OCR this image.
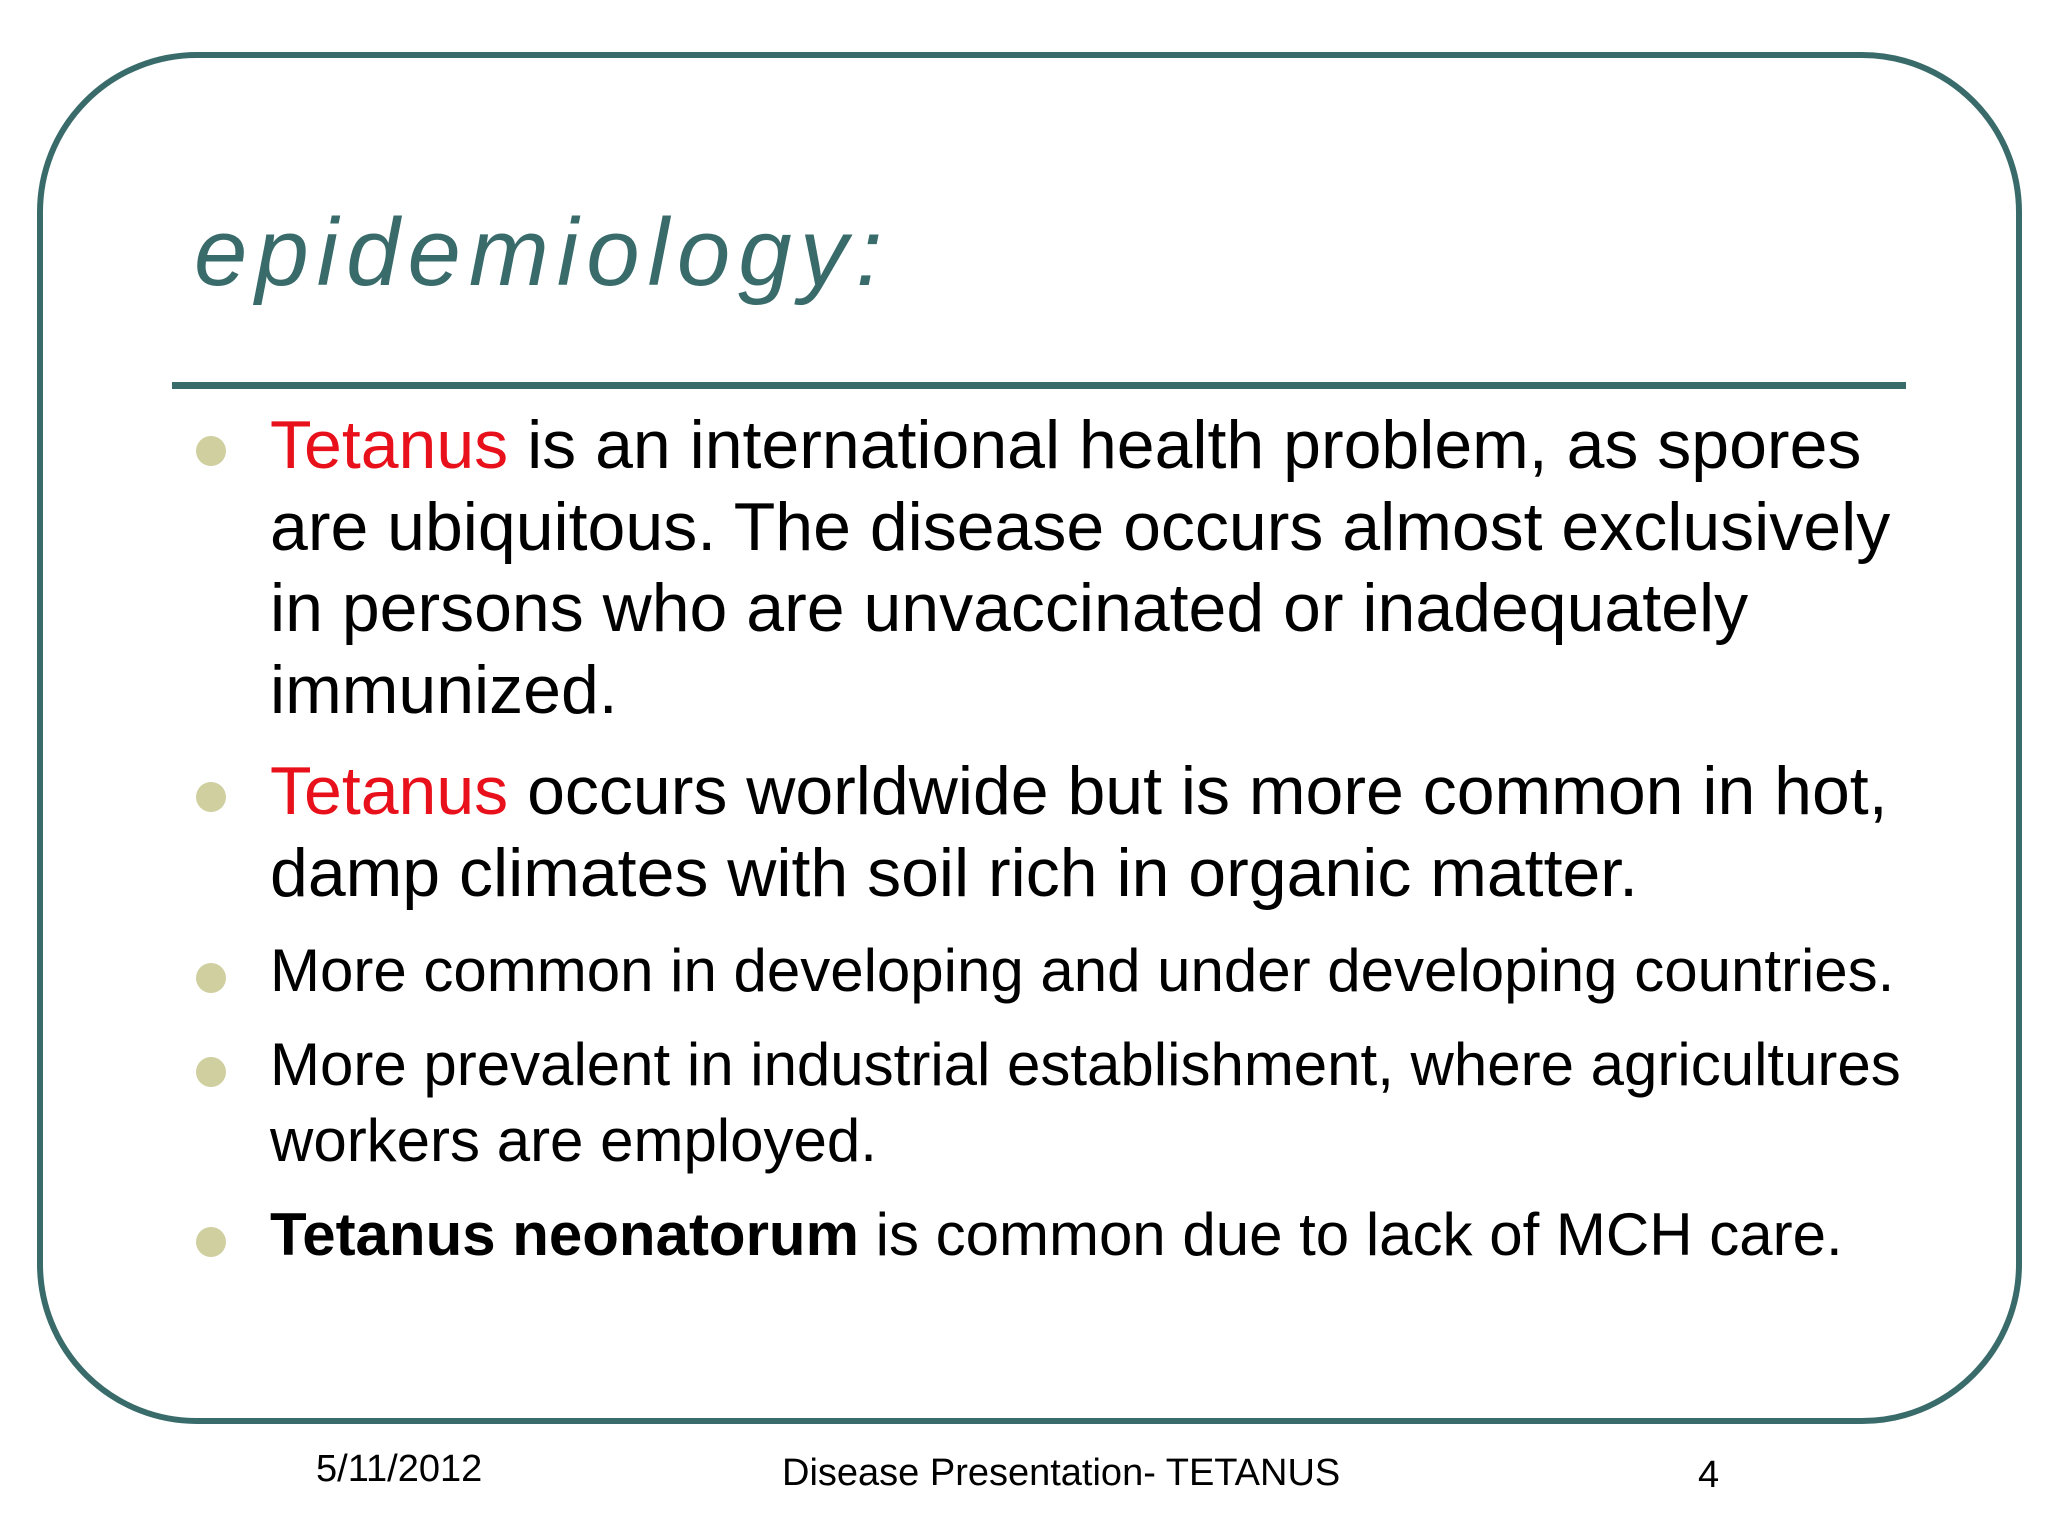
epidemiology:
Tetanus is an international health problem, as spores are ubiquitous. The disease occurs almost exclusively in persons who are unvaccinated or inadequately immunized.
Tetanus occurs worldwide but is more common in hot, damp climates with soil rich in organic matter.
More common in developing and under developing countries.
More prevalent in industrial establishment, where agricultures workers are employed.
Tetanus neonatorum is common due to lack of MCH care.
5/11/2012	Disease Presentation- TETANUS	4
